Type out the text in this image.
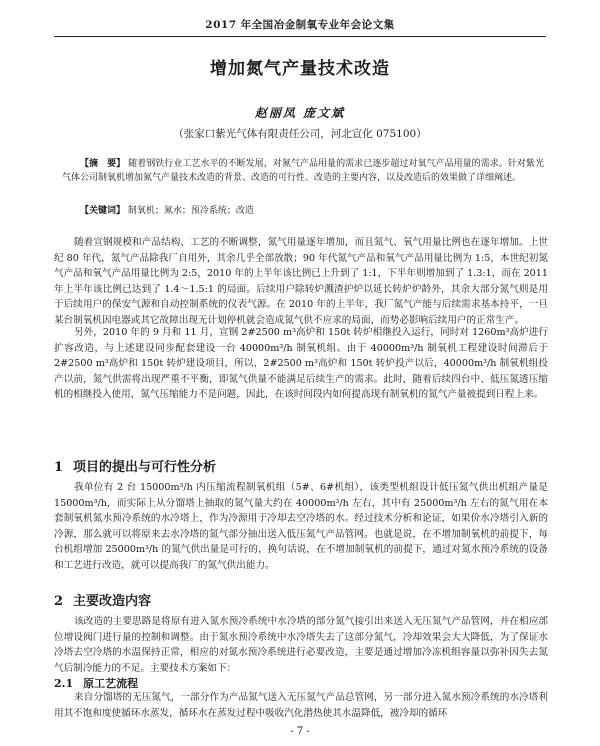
2017 年全国冶金制氧专业年会论文集
增加氮气产量技术改造
赵丽凤 庞文斌
（张家口紫光气体有限责任公司，河北宣化 075100）
【摘　要】 随着钢铁行业工艺水平的不断发展，对氮气产品用量的需求已逐步超过对氧气产品用量的需求。针对紫光气体公司制氧机增加氮气产量技术改造的背景、改造的可行性、改造的主要内容，以及改造后的效果做了详细阐述。
【关键词】 制氧机；氮水；预冷系统；改造
随着宣钢规模和产品结构、工艺的不断调整，氮气用量逐年增加，而且氮气、氧气用量比例也在逐年增加。上世纪 80 年代，氮气产品除我厂自用外，其余几乎全部放散；90 年代氮气产品和氧气产品用量比例为 1:5，本世纪初氮气产品和氧气产品用量比例为 2:5，2010 年的上半年该比例已上升到了 1:1，下半年则增加到了 1.3:1，而在 2011 年上半年该比例已达到了 1.4～1.5:1 的局面。后续用户除转炉溅渣护炉以延长转炉炉龄外，其余大部分氮气则是用于后续用户的保安气源和自动控制系统的仪表气源。在 2010 年的上半年，我厂氮气产能与后续需求基本持平，一旦某台制氧机因电器或其它故障出现无计划停机就会造成氮气供不应求的局面，而势必影响后续用户的正常生产。
另外，2010 年的 9 月和 11 月，宣钢 2#2500 m³高炉和 150t 转炉相继投入运行，同时对 1260m³高炉进行扩容改造，与上述建设同步配套建设一台 40000m³/h 制氧机组。由于 40000m³/h 制氧机工程建设时间滞后于 2#2500 m³高炉和 150t 转炉建设项目，所以，2#2500 m³高炉和 150t 转炉投产以后，40000m³/h 制氧机组投产以前，氮气供需将出现严重不平衡，即氮气供量不能满足后续生产的需求。此时，随着后续四台中、低压氮透压缩机的相继投入使用，氮气压缩能力不是问题，因此，在该时间段内如何提高现有制氧机的氮气产量被提到日程上来。
1 项目的提出与可行性分析
我单位有 2 台 15000m³/h 内压缩流程制氧机组（5#、6#机组），该类型机组设计低压氮气供出机组产量是 15000m³/h，而实际上从分馏塔上抽取的氮气量大约在 40000m³/h 左右，其中有 25000m³/h 左右的氮气用在本套制氧机氮水预冷系统的水冷塔上，作为冷源用于冷却去空冷塔的水。经过技术分析和论证，如果价水冷塔引入新的冷源，那么就可以将原来去水冷塔的氮气部分抽出送入低压氮气产品管网。也就是说，在不增加制氧机的前提下，每台机组增加 25000m³/h 的氮气供出量是可行的，换句话说，在不增加制氧机的前提下，通过对氮水预冷系统的设备和工艺进行改造，就可以提高我厂的氮气供出能力。
2 主要改造内容
该改造的主要思路是将原有进入氮水预冷系统中水冷塔的部分氮气接引出来送入无压氮气产品管网，并在相应部位增设阀门进行量的控制和调整。由于氮水预冷系统中水冷塔失去了这部分氮气，冷却效果会大大降低，为了保证水冷塔去空冷塔的水温保持正常，相应的对氮水预冷系统进行必要改造，主要是通过增加冷冻机组容量以弥补因失去氮气后制冷能力的不足。主要技术方案如下：
2.1 原工艺流程
来自分馏塔的无压氮气，一部分作为产品氮气送入无压氮气产品总管网，另一部分进入氮水预冷系统的水冷塔利用其不饱和度使循环水蒸发，循环水在蒸发过程中吸收汽化潜热使其水温降低，被冷却的循环
- 7 -
